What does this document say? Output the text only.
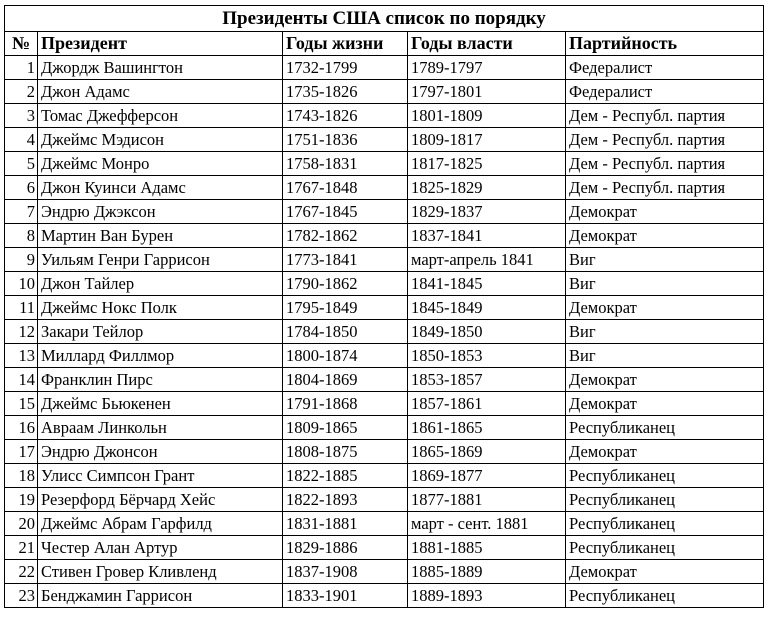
Президенты США список по порядку				
№	Президент	Годы жизни	Годы власти	Партийность
1	Джордж Вашингтон	1732-1799	1789-1797	Федералист
2	Джон Адамс	1735-1826	1797-1801	Федералист
3	Томас Джефферсон	1743-1826	1801-1809	Дем - Республ. партия
4	Джеймс Мэдисон	1751-1836	1809-1817	Дем - Республ. партия
5	Джеймс Монро	1758-1831	1817-1825	Дем - Республ. партия
6	Джон Куинси Адамс	1767-1848	1825-1829	Дем - Республ. партия
7	Эндрю Джэксон	1767-1845	1829-1837	Демократ
8	Мартин Ван Бурен	1782-1862	1837-1841	Демократ
9	Уильям Генри Гаррисон	1773-1841	март-апрель 1841	Виг
10	Джон Тайлер	1790-1862	1841-1845	Виг
11	Джеймс Нокс Полк	1795-1849	1845-1849	Демократ
12	Закари Тейлор	1784-1850	1849-1850	Виг
13	Миллард Филлмор	1800-1874	1850-1853	Виг
14	Франклин Пирс	1804-1869	1853-1857	Демократ
15	Джеймс Бьюкенен	1791-1868	1857-1861	Демократ
16	Авраам Линкольн	1809-1865	1861-1865	Республиканец
17	Эндрю Джонсон	1808-1875	1865-1869	Демократ
18	Улисс Симпсон Грант	1822-1885	1869-1877	Республиканец
19	Резерфорд Бёрчард Хейс	1822-1893	1877-1881	Республиканец
20	Джеймс Абрам Гарфилд	1831-1881	март - сент. 1881	Республиканец
21	Честер Алан Артур	1829-1886	1881-1885	Республиканец
22	Стивен Гровер Кливленд	1837-1908	1885-1889	Демократ
23	Бенджамин Гаррисон	1833-1901	1889-1893	Республиканец
